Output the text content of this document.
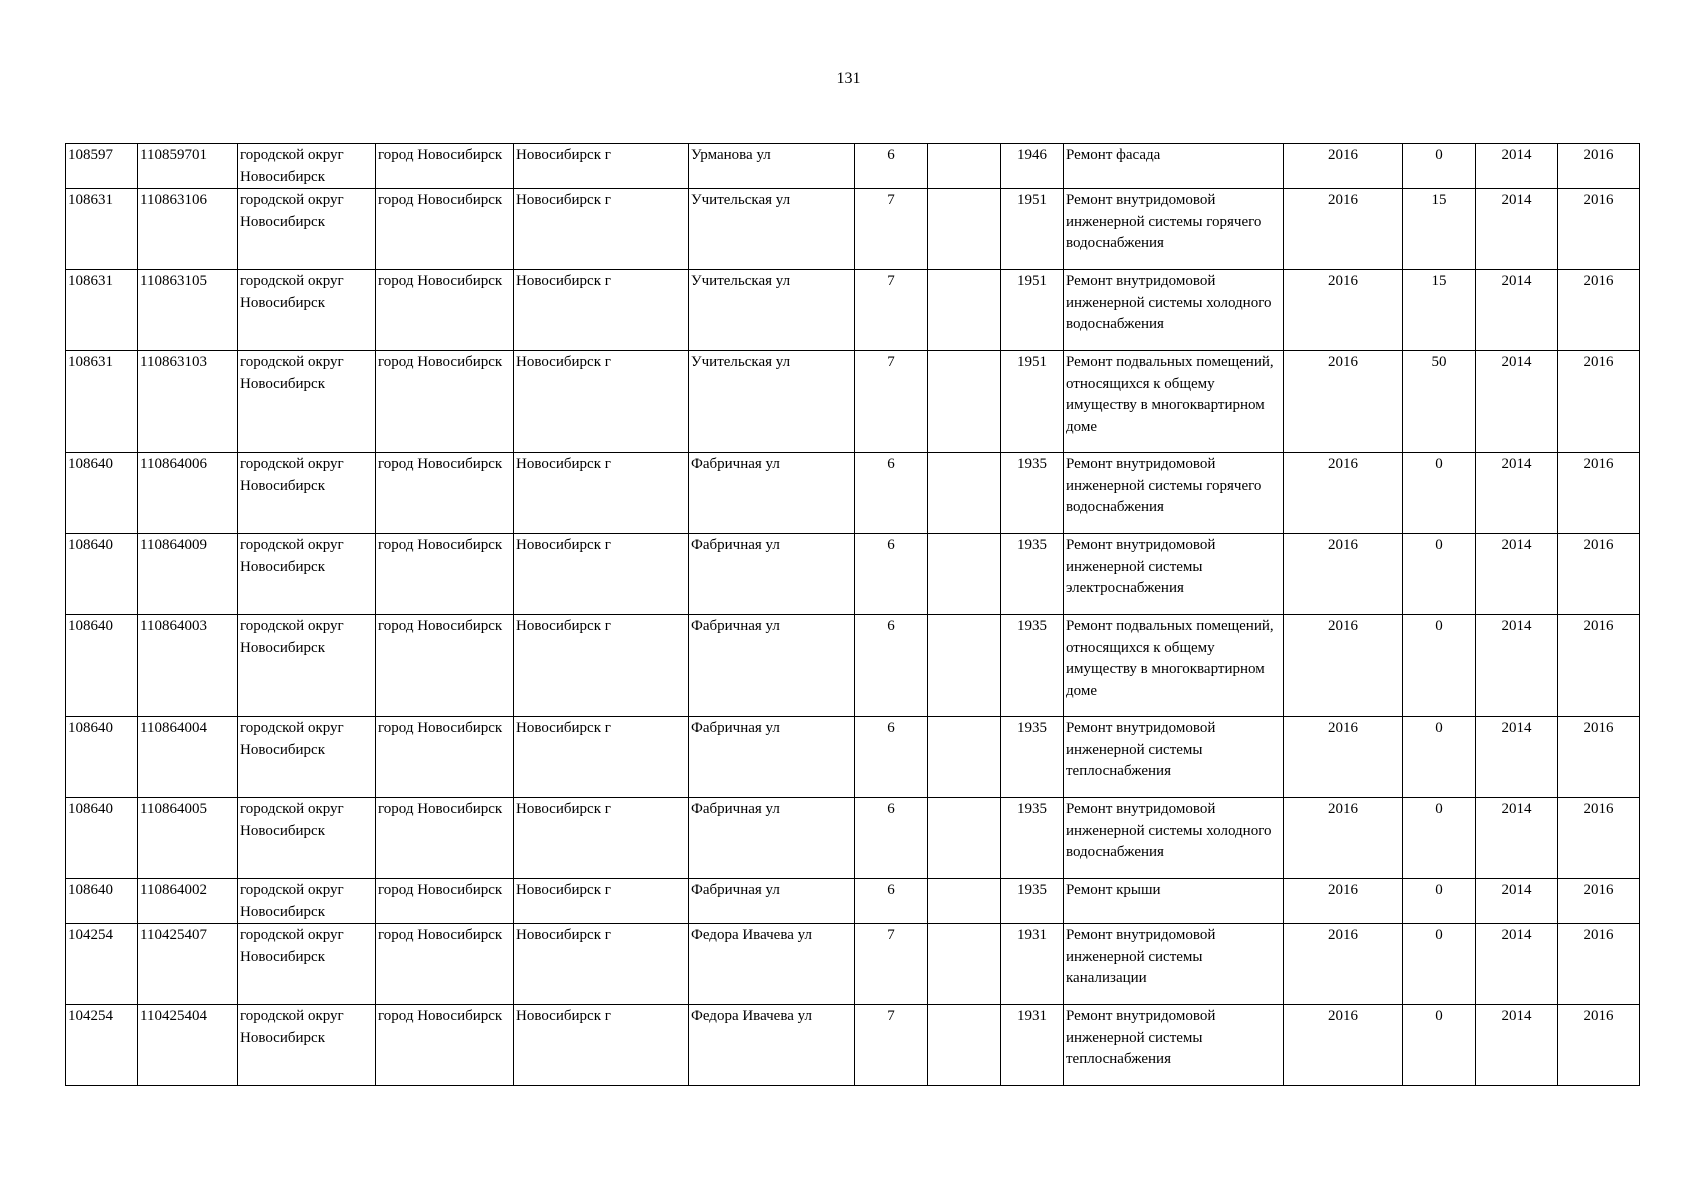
131
108597	110859701	городской округ Новосибирск	город Новосибирск	Новосибирск г	Урманова ул	6		1946	Ремонт фасада	2016	0	2014	2016
108631	110863106	городской округ Новосибирск	город Новосибирск	Новосибирск г	Учительская ул	7		1951	Ремонт внутридомовой инженерной системы горячего водоснабжения	2016	15	2014	2016
108631	110863105	городской округ Новосибирск	город Новосибирск	Новосибирск г	Учительская ул	7		1951	Ремонт внутридомовой инженерной системы холодного водоснабжения	2016	15	2014	2016
108631	110863103	городской округ Новосибирск	город Новосибирск	Новосибирск г	Учительская ул	7		1951	Ремонт подвальных помещений, относящихся к общему имуществу в многоквартирном доме	2016	50	2014	2016
108640	110864006	городской округ Новосибирск	город Новосибирск	Новосибирск г	Фабричная ул	6		1935	Ремонт внутридомовой инженерной системы горячего водоснабжения	2016	0	2014	2016
108640	110864009	городской округ Новосибирск	город Новосибирск	Новосибирск г	Фабричная ул	6		1935	Ремонт внутридомовой инженерной системы электроснабжения	2016	0	2014	2016
108640	110864003	городской округ Новосибирск	город Новосибирск	Новосибирск г	Фабричная ул	6		1935	Ремонт подвальных помещений, относящихся к общему имуществу в многоквартирном доме	2016	0	2014	2016
108640	110864004	городской округ Новосибирск	город Новосибирск	Новосибирск г	Фабричная ул	6		1935	Ремонт внутридомовой инженерной системы теплоснабжения	2016	0	2014	2016
108640	110864005	городской округ Новосибирск	город Новосибирск	Новосибирск г	Фабричная ул	6		1935	Ремонт внутридомовой инженерной системы холодного водоснабжения	2016	0	2014	2016
108640	110864002	городской округ Новосибирск	город Новосибирск	Новосибирск г	Фабричная ул	6		1935	Ремонт крыши	2016	0	2014	2016
104254	110425407	городской округ Новосибирск	город Новосибирск	Новосибирск г	Федора Ивачева ул	7		1931	Ремонт внутридомовой инженерной системы канализации	2016	0	2014	2016
104254	110425404	городской округ Новосибирск	город Новосибирск	Новосибирск г	Федора Ивачева ул	7		1931	Ремонт внутридомовой инженерной системы теплоснабжения	2016	0	2014	2016
